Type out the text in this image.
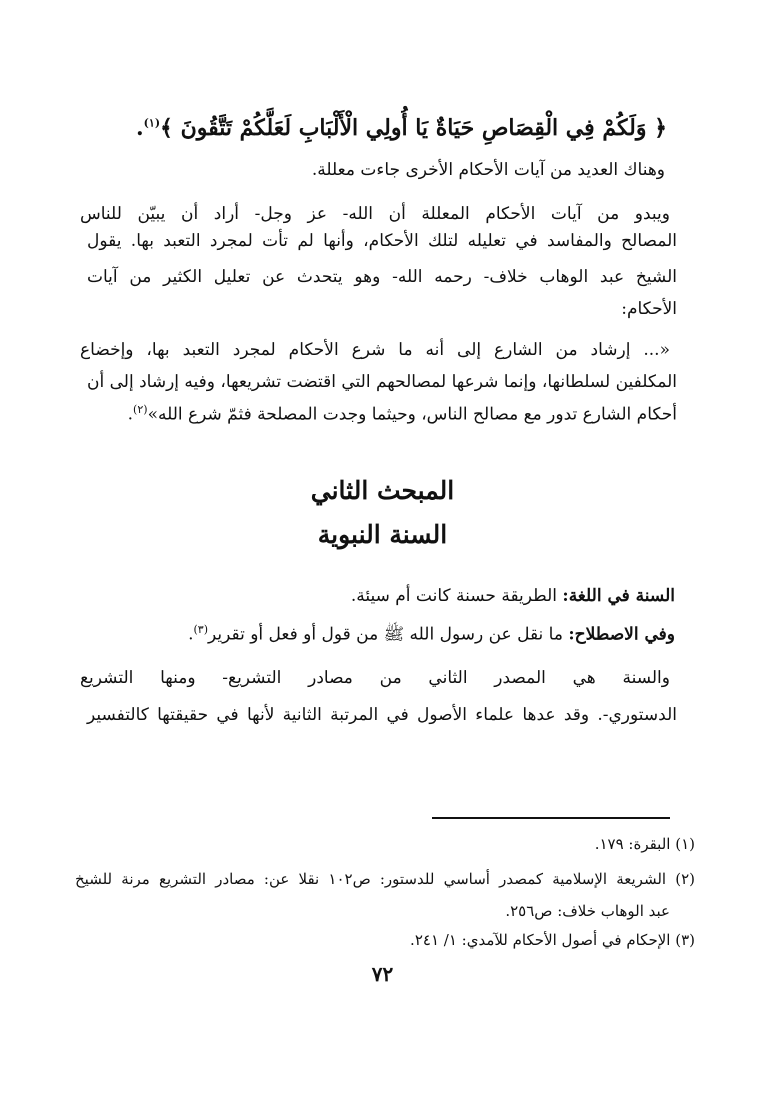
﴿ وَلَكُمْ فِي الْقِصَاصِ حَيَاةٌ يَا أُولِي الْأَلْبَابِ لَعَلَّكُمْ تَتَّقُونَ ﴾$^{(١)}$.
وهناك العديد من آيات الأحكام الأخرى جاءت معللة.
ويبدو من آيات الأحكام المعللة أن الله- عز وجل- أراد أن يبيّن للناس
المصالح والمفاسد في تعليله لتلك الأحكام، وأنها لم تأت لمجرد التعبد بها. يقول
الشيخ عبد الوهاب خلاف- رحمه الله- وهو يتحدث عن تعليل الكثير من آيات
الأحكام:
«... إرشاد من الشارع إلى أنه ما شرع الأحكام لمجرد التعبد بها، وإخضاع
المكلفين لسلطانها، وإنما شرعها لمصالحهم التي اقتضت تشريعها، وفيه إرشاد إلى أن
أحكام الشارع تدور مع مصالح الناس، وحيثما وجدت المصلحة فثمّ شرع الله»$^{(٢)}$.
المبحث الثاني
السنة النبوية
السنة في اللغة: الطريقة حسنة كانت أم سيئة.
وفي الاصطلاح: ما نقل عن رسول الله ﷺ من قول أو فعل أو تقرير$^{(٣)}$.
والسنة هي المصدر الثاني من مصادر التشريع- ومنها التشريع
الدستوري-. وقد عدها علماء الأصول في المرتبة الثانية لأنها في حقيقتها كالتفسير
(١) البقرة: ١٧٩.
(٢) الشريعة الإسلامية كمصدر أساسي للدستور: ص١٠٢ نقلا عن: مصادر التشريع مرنة للشيخ
عبد الوهاب خلاف: ص٢٥٦.
(٣) الإحكام في أصول الأحكام للآمدي: ١/ ٢٤١.
٧٢
